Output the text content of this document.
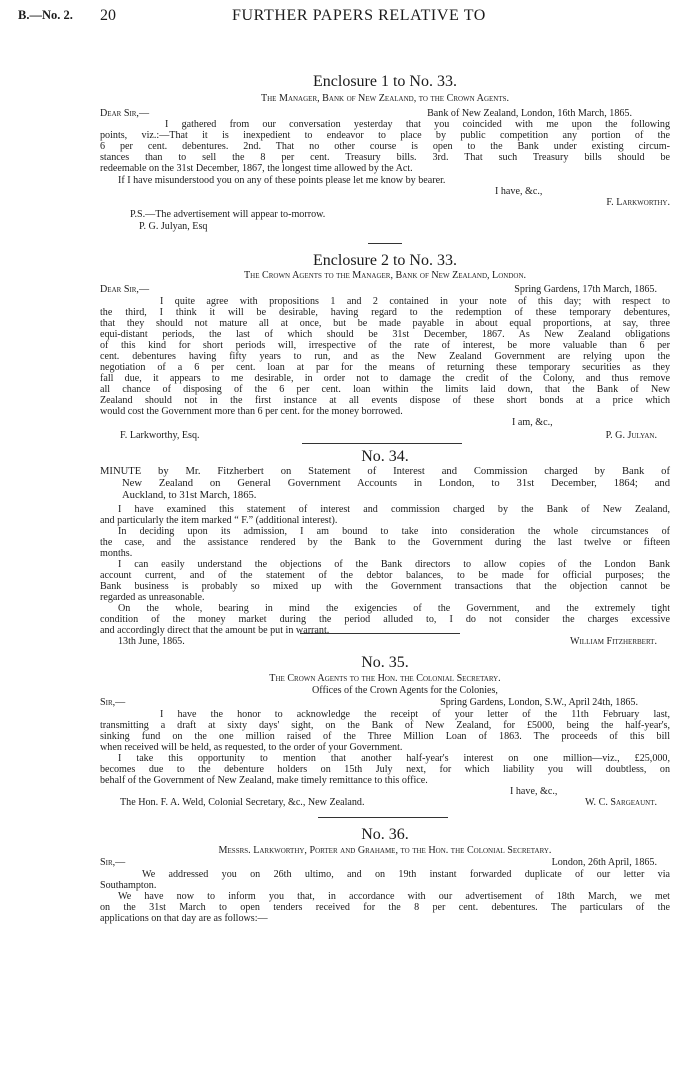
B.—No. 2. 20	FURTHER PAPERS RELATIVE TO
Enclosure 1 to No. 33.
The Manager, Bank of New Zealand, to the Crown Agents.
Dear Sir,—	Bank of New Zealand, London, 16th March, 1865.
I gathered from our conversation yesterday that you coincided with me upon the following
points, viz.:—That it is inexpedient to endeavor to place by public competition any portion of the
6 per cent. debentures. 2nd. That no other course is open to the Bank under existing circum-
stances than to sell the 8 per cent. Treasury bills. 3rd. That such Treasury bills should be
redeemable on the 31st December, 1867, the longest time allowed by the Act.
If I have misunderstood you on any of these points please let me know by bearer.
I have, &c.,
F. Larkworthy.
P.S.—The advertisement will appear to-morrow.
P. G. Julyan, Esq
Enclosure 2 to No. 33.
The Crown Agents to the Manager, Bank of New Zealand, London.
Dear Sir,—	Spring Gardens, 17th March, 1865.
I quite agree with propositions 1 and 2 contained in your note of this day; with respect to
the third, I think it will be desirable, having regard to the redemption of these temporary debentures,
that they should not mature all at once, but be made payable in about equal proportions, at say, three
equi-distant periods, the last of which should be 31st December, 1867. As New Zealand obligations
of this kind for short periods will, irrespective of the rate of interest, be more valuable than 6 per
cent. debentures having fifty years to run, and as the New Zealand Government are relying upon the
negotiation of a 6 per cent. loan at par for the means of returning these temporary securities as they
fall due, it appears to me desirable, in order not to damage the credit of the Colony, and thus remove
all chance of disposing of the 6 per cent. loan within the limits laid down, that the Bank of New
Zealand should not in the first instance at all events dispose of these short bonds at a price which
would cost the Government more than 6 per cent. for the money borrowed.
I am, &c.,
F. Larkworthy, Esq.	P. G. Julyan.
No. 34.
MINUTE by Mr. Fitzherbert on Statement of Interest and Commission charged by Bank of
New Zealand on General Government Accounts in London, to 31st December, 1864; and
Auckland, to 31st March, 1865.
I have examined this statement of interest and commission charged by the Bank of New Zealand,
and particularly the item marked “ F.” (additional interest).
In deciding upon its admission, I am bound to take into consideration the whole circumstances of
the case, and the assistance rendered by the Bank to the Government during the last twelve or fifteen
months.
I can easily understand the objections of the Bank directors to allow copies of the London Bank
account current, and of the statement of the debtor balances, to be made for official purposes; the
Bank business is probably so mixed up with the Government transactions that the objection cannot be
regarded as unreasonable.
On the whole, bearing in mind the exigencies of the Government, and the extremely tight
condition of the money market during the period alluded to, I do not consider the charges excessive
and accordingly direct that the amount be put in warrant.
13th June, 1865.	William Fitzherbert.
No. 35.
The Crown Agents to the Hon. the Colonial Secretary.
Offices of the Crown Agents for the Colonies,
Sir,—	Spring Gardens, London, S.W., April 24th, 1865.
I have the honor to acknowledge the receipt of your letter of the 11th February last,
transmitting a draft at sixty days' sight, on the Bank of New Zealand, for £5000, being the half-year's,
sinking fund on the one million raised of the Three Million Loan of 1863. The proceeds of this bill
when received will be held, as requested, to the order of your Government.
I take this opportunity to mention that another half-year's interest on one million—viz., £25,000,
becomes due to the debenture holders on 15th July next, for which liability you will doubtless, on
behalf of the Government of New Zealand, make timely remittance to this office.
I have, &c.,
The Hon. F. A. Weld, Colonial Secretary, &c., New Zealand.	W. C. Sargeaunt.
No. 36.
Messrs. Larkworthy, Porter and Grahame, to the Hon. the Colonial Secretary.
Sir,—	London, 26th April, 1865.
We addressed you on 26th ultimo, and on 19th instant forwarded duplicate of our letter via
Southampton.
We have now to inform you that, in accordance with our advertisement of 18th March, we met
on the 31st March to open tenders received for the 8 per cent. debentures. The particulars of the
applications on that day are as follows:—
